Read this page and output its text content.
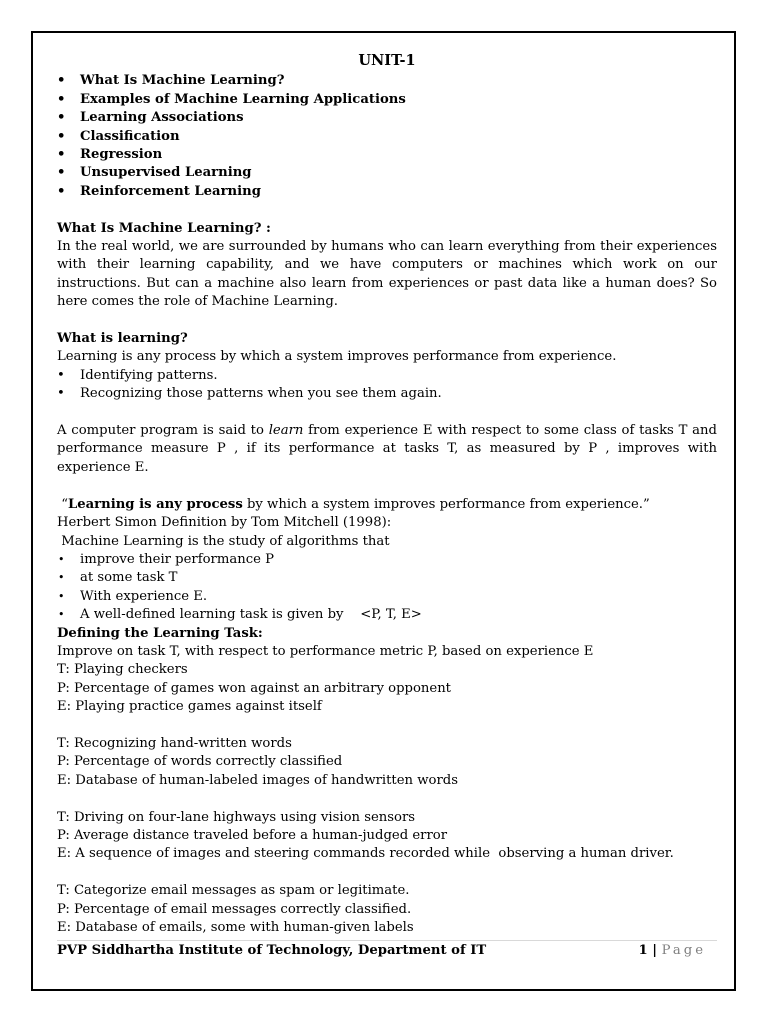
UNIT-1

• What Is Machine Learning?
• Examples of Machine Learning Applications
• Learning Associations
• Classification
• Regression
• Unsupervised Learning
• Reinforcement Learning

What Is Machine Learning? :

In the real world, we are surrounded by humans who can learn everything from their experiences with their learning capability, and we have computers or machines which work on our instructions. But can a machine also learn from experiences or past data like a human does? So here comes the role of Machine Learning.

What is learning?

Learning is any process by which a system improves performance from experience.

• Identifying patterns.
• Recognizing those patterns when you see them again.

A computer program is said to learn from experience E with respect to some class of tasks T and performance measure P , if its performance at tasks T, as measured by P , improves with experience E.

“Learning is any process by which a system improves performance from experience.”

Herbert Simon Definition by Tom Mitchell (1998):

Machine Learning is the study of algorithms that

• improve their performance P
• at some task T
• With experience E.
• A well-defined learning task is given by    <P, T, E>

Defining the Learning Task:

Improve on task T, with respect to performance metric P, based on experience E

T: Playing checkers

P: Percentage of games won against an arbitrary opponent

E: Playing practice games against itself

T: Recognizing hand-written words

P: Percentage of words correctly classified

E: Database of human-labeled images of handwritten words

T: Driving on four-lane highways using vision sensors

P: Average distance traveled before a human-judged error

E: A sequence of images and steering commands recorded while  observing a human driver.

T: Categorize email messages as spam or legitimate.

P: Percentage of email messages correctly classified.

E: Database of emails, some with human-given labels

PVP Siddhartha Institute of Technology, Department of IT	1 | Page
